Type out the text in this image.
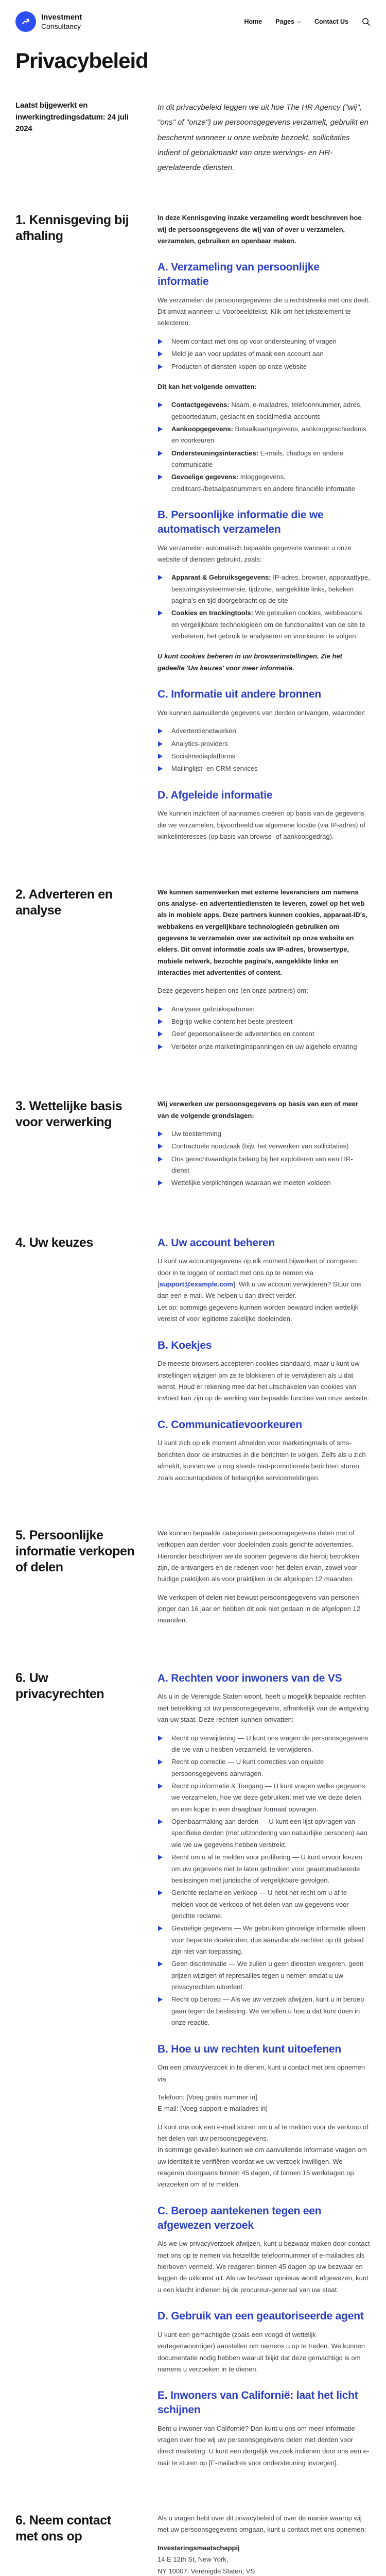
Investment
Consultancy
Home Pages	Contact Us
Privacybeleid
Laatst bijgewerkt en inwerkingtredingsdatum: 24 juli 2024

In dit privacybeleid leggen we uit hoe The HR Agency ("wij", "ons" of "onze") uw persoonsgegevens verzamelt, gebruikt en beschermt wanneer u onze website bezoekt, sollicitaties indient of gebruikmaakt van onze wervings- en HR-gerelateerde diensten.

1. Kennisgeving bij afhaling

In deze Kennisgeving inzake verzameling wordt beschreven hoe wij de persoonsgegevens die wij van of over u verzamelen, verzamelen, gebruiken en openbaar maken.

A. Verzameling van persoonlijke informatie

We verzamelen de persoonsgegevens die u rechtstreeks met ons deelt. Dit omvat wanneer u: Voorbeeldtekst. Klik om het tekstelement te selecteren.

Neem contact met ons op voor ondersteuning of vragen
Meld je aan voor updates of maak een account aan
Producten of diensten kopen op onze website

Dit kan het volgende omvatten:

Contactgegevens: Naam, e-mailadres, telefoonnummer, adres, geboortedatum, geslacht en socialmedia-accounts
Aankoopgegevens: Betaalkaartgegevens, aankoopgeschiedenis en voorkeuren
Ondersteuningsinteracties: E-mails, chatlogs en andere communicatie
Gevoelige gegevens: Inloggegevens, creditcard-/betaalpasnummers en andere financiële informatie
B. Persoonlijke informatie die we automatisch verzamelen

We verzamelen automatisch bepaalde gegevens wanneer u onze website of diensten gebruikt, zoals:

Apparaat & Gebruiksgegevens: IP-adres, browser, apparaattype, besturingssysteemversie, tijdzone, aangeklikte links, bekeken pagina's en tijd doorgebracht op de site
Cookies en trackingtools: We gebruiken cookies, webbeacons en vergelijkbare technologieën om de functionaliteit van de site te verbeteren, het gebruik te analyseren en voorkeuren te volgen.

U kunt cookies beheren in uw browserinstellingen. Zie het gedeelte 'Uw keuzes' voor meer informatie.

C. Informatie uit andere bronnen

We kunnen aanvullende gegevens van derden ontvangen, waaronder:

Advertentienetwerken
Analytics-providers
Socialmediaplatforms
Mailinglijst- en CRM-services
D. Afgeleide informatie

We kunnen inzichten of aannames creëren op basis van de gegevens die we verzamelen, bijvoorbeeld uw algemene locatie (via IP-adres) of winkelinteresses (op basis van browse- of aankoopgedrag).

2. Adverteren en analyse

We kunnen samenwerken met externe leveranciers om namens ons analyse- en advertentiediensten te leveren, zowel op het web als in mobiele apps. Deze partners kunnen cookies, apparaat-ID's, webbakens en vergelijkbare technologieën gebruiken om gegevens te verzamelen over uw activiteit op onze website en elders. Dit omvat informatie zoals uw IP-adres, browsertype, mobiele netwerk, bezochte pagina's, aangeklikte links en interacties met advertenties of content.

Deze gegevens helpen ons (en onze partners) om:

Analyseer gebruikspatronen
Begrijp welke content het beste presteert
Geef gepersonaliseerde advertenties en content
Verbeter onze marketinginspanningen en uw algehele ervaring
3. Wettelijke basis voor verwerking

Wij verwerken uw persoonsgegevens op basis van een of meer van de volgende grondslagen:

Uw toestemming
Contractuele noodzaak (bijv. het verwerken van sollicitaties)
Ons gerechtvaardigde belang bij het exploiteren van een HR-dienst
Wettelijke verplichtingen waaraan we moeten voldoen
4. Uw keuzes	A. Uw account beheren

U kunt uw accountgegevens op elk moment bijwerken of corrigeren door in te loggen of contact met ons op te nemen via [support@example.com]. Wilt u uw account verwijderen? Stuur ons dan een e-mail. We helpen u dan direct verder.

Let op: sommige gegevens kunnen worden bewaard indien wettelijk vereist of voor legitieme zakelijke doeleinden.

B. Koekjes

De meeste browsers accepteren cookies standaard, maar u kunt uw instellingen wijzigen om ze te blokkeren of te verwijderen als u dat wenst. Houd er rekening mee dat het uitschakelen van cookies van invloed kan zijn op de werking van bepaalde functies van onze website.

C. Communicatievoorkeuren

U kunt zich op elk moment afmelden voor marketingmails of sms-berichten door de instructies in die berichten te volgen. Zelfs als u zich afmeldt, kunnen we u nog steeds niet-promotionele berichten sturen, zoals accountupdates of belangrijke servicemeldingen.

5. Persoonlijke informatie verkopen of delen

We kunnen bepaalde categorieën persoonsgegevens delen met of verkopen aan derden voor doeleinden zoals gerichte advertenties. Hieronder beschrijven we de soorten gegevens die hierbij betrokken zijn, de ontvangers en de redenen voor het delen ervan, zowel voor huidige praktijken als voor praktijken in de afgelopen 12 maanden.

We verkopen of delen niet bewust persoonsgegevens van personen jonger dan 16 jaar en hebben dit ook niet gedaan in de afgelopen 12 maanden.

6. Uw privacyrechten
A. Rechten voor inwoners van de VS

Als u in de Verenigde Staten woont, heeft u mogelijk bepaalde rechten met betrekking tot uw persoonsgegevens, afhankelijk van de wetgeving van uw staat. Deze rechten kunnen omvatten:

Recht op verwijdering — U kunt ons vragen de persoonsgegevens die we van u hebben verzameld, te verwijderen.
Recht op correctie — U kunt correcties van onjuiste persoonsgegevens aanvragen.
Recht op informatie & Toegang — U kunt vragen welke gegevens we verzamelen, hoe we deze gebruiken, met wie we deze delen, en een kopie in een draagbaar formaat opvragen.
Openbaarmaking aan derden — U kunt een lijst opvragen van specifieke derden (met uitzondering van natuurlijke personen) aan wie we uw gegevens hebben verstrekt.
Recht om u af te melden voor profilering — U kunt ervoor kiezen om uw gegevens niet te laten gebruiken voor geautomatiseerde beslissingen met juridische of vergelijkbare gevolgen.
Gerichte reclame en verkoop — U hebt het recht om u af te melden voor de verkoop of het delen van uw gegevens voor gerichte reclame.
Gevoelige gegevens — We gebruiken gevoelige informatie alleen voor beperkte doeleinden, dus aanvullende rechten op dit gebied zijn niet van toepassing.
Geen discriminatie — We zullen u geen diensten weigeren, geen prijzen wijzigen of represailles tegen u nemen omdat u uw privacyrechten uitoefent.
Recht op beroep — Als we uw verzoek afwijzen, kunt u in beroep gaan tegen de beslissing. We vertellen u hoe u dat kunt doen in onze reactie.
B. Hoe u uw rechten kunt uitoefenen

Om een privacyverzoek in te dienen, kunt u contact met ons opnemen via:

Telefoon: [Voeg gratis nummer in]

E-mail: [Voeg support-e-mailadres in]

U kunt ons ook een e-mail sturen om u af te melden voor de verkoop of het delen van uw persoonsgegevens.

In sommige gevallen kunnen we om aanvullende informatie vragen om uw identiteit te verifiëren voordat we uw verzoek inwilligen. We reageren doorgaans binnen 45 dagen, of binnen 15 werkdagen op verzoeken om af te melden.

C. Beroep aantekenen tegen een afgewezen verzoek

Als we uw privacyverzoek afwijzen, kunt u bezwaar maken door contact met ons op te nemen via hetzelfde telefoonnummer of e-mailadres als hierboven vermeld. We reageren binnen 45 dagen op uw bezwaar en leggen de uitkomst uit. Als uw bezwaar opnieuw wordt afgewezen, kunt u een klacht indienen bij de procureur-generaal van uw staat.

D. Gebruik van een geautoriseerde agent

U kunt een gemachtigde (zoals een voogd of wettelijk vertegenwoordiger) aanstellen om namens u op te treden. We kunnen documentatie nodig hebben waaruit blijkt dat deze gemachtigd is om namens u verzoeken in te dienen.

E. Inwoners van Californië: laat het licht schijnen

Bent u inwoner van Californië? Dan kunt u ons om meer informatie vragen over hoe wij uw persoonsgegevens delen met derden voor direct marketing. U kunt een dergelijk verzoek indienen door ons een e-mail te sturen op [E-mailadres voor ondersteuning invoegen].

6. Neem contact met ons op

Als u vragen hebt over dit privacybeleid of over de manier waarop wij met uw persoonsgegevens omgaan, kunt u contact met ons opnemen:

Investeringsmaatschappij

14 E 12th St, New York,

NY 10007, Verenigde Staten, VS
